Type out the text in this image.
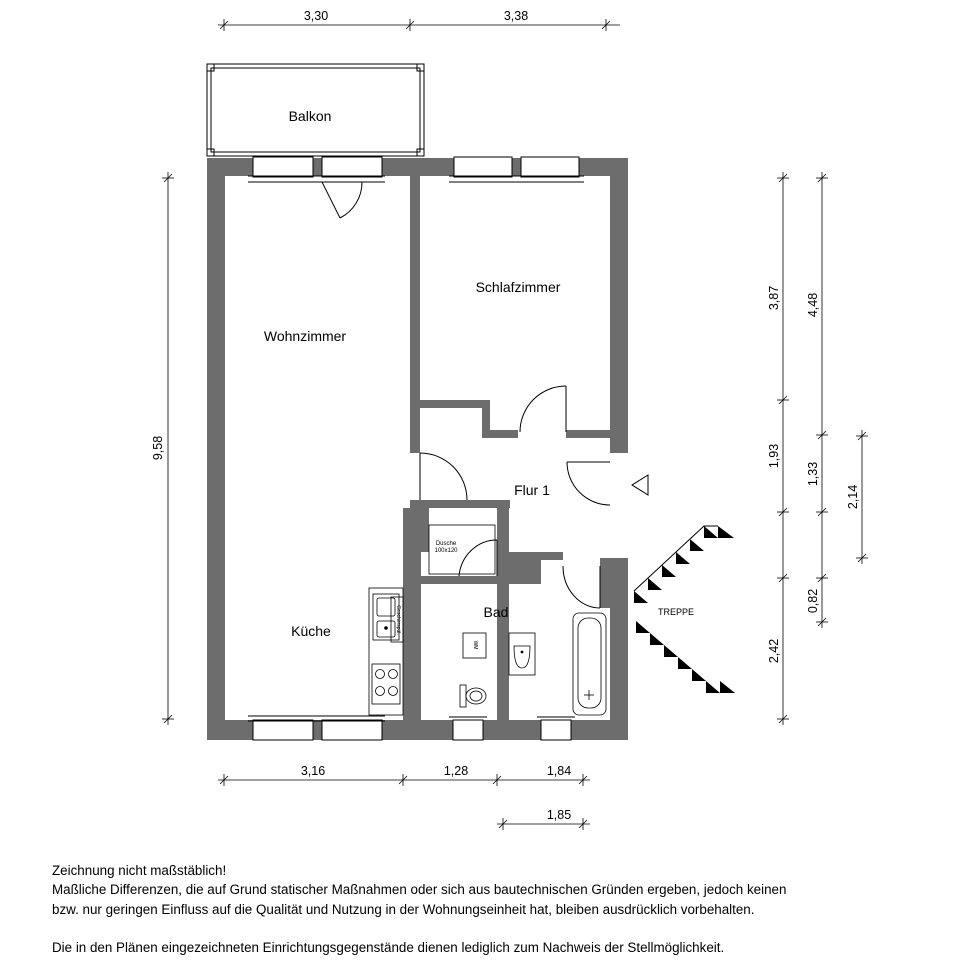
3,30	3,38
9,58
3,16	1,28	1,84
1,85
3,87
1,93
2,42
4,48
1,33
0,82
2,14
Balkon
Wohnzimmer
Schlafzimmer
Flur 1
Küche
Bad	TREPPE
Dusche
100x120
WM
Geschirrspül.
Zeichnung nicht maßstäblich!
Maßliche Differenzen, die auf Grund statischer Maßnahmen oder sich aus bautechnischen Gründen ergeben, jedoch keinen
bzw. nur geringen Einfluss auf die Qualität und Nutzung in der Wohnungseinheit hat, bleiben ausdrücklich vorbehalten.
Die in den Plänen eingezeichneten Einrichtungsgegenstände dienen lediglich zum Nachweis der Stellmöglichkeit.
